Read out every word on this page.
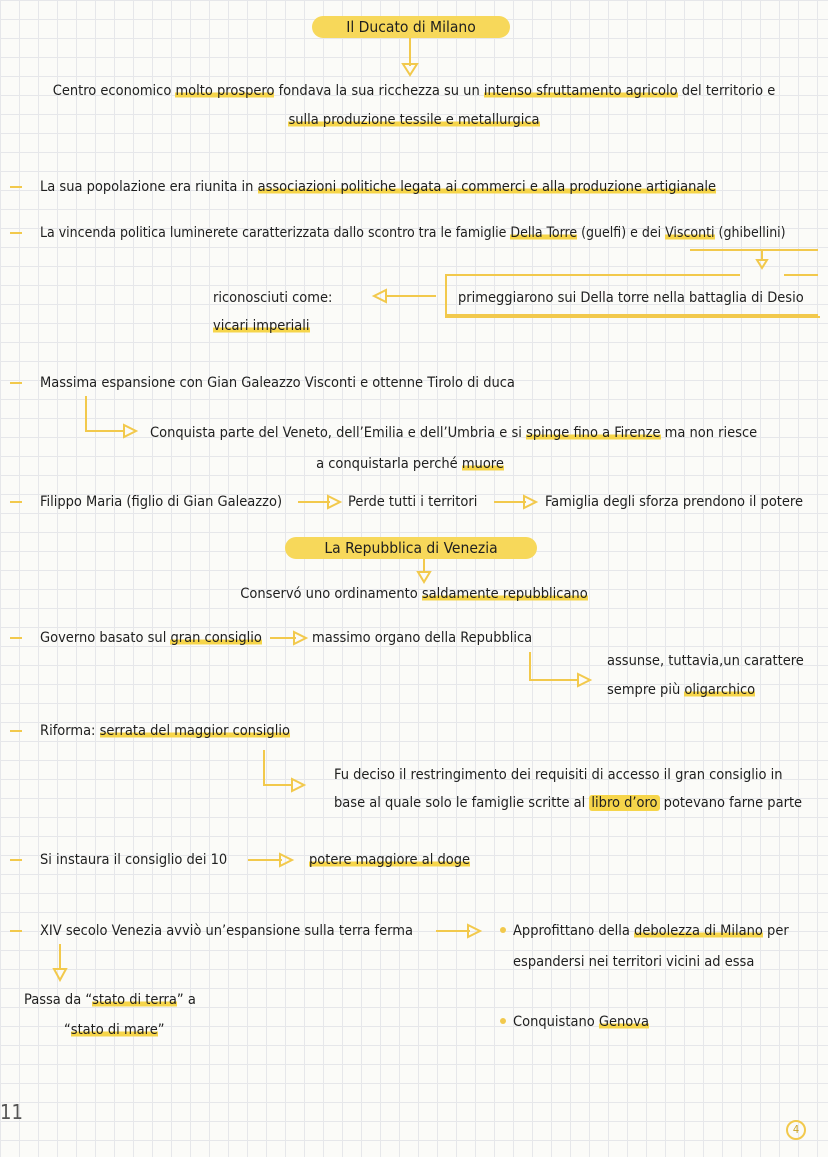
Il Ducato di Milano
Centro economico molto prospero fondava la sua ricchezza su un intenso sfruttamento agricolo del territorio e
sulla produzione tessile e metallurgica
La sua popolazione era riunita in associazioni politiche legata ai commerci e alla produzione artigianale
La vincenda politica luminerete caratterizzata dallo scontro tra le famiglie Della Torre (guelfi) e dei Visconti (ghibellini)
primeggiarono sui Della torre nella battaglia di Desio
riconosciuti come:
vicari imperiali
Massima espansione con Gian Galeazzo Visconti e ottenne Tirolo di duca
Conquista parte del Veneto, dell’Emilia e dell’Umbria e si spinge fino a Firenze ma non riesce
a conquistarla perché muore
Filippo Maria (figlio di Gian Galeazzo)	Perde tutti i territori	Famiglia degli sforza prendono il potere
La Repubblica di Venezia
Conservó uno ordinamento saldamente repubblicano
Governo basato sul gran consiglio	massimo organo della Repubblica
assunse, tuttavia,un carattere
sempre più oligarchico
Riforma: serrata del maggior consiglio
Fu deciso il restringimento dei requisiti di accesso il gran consiglio in
base al quale solo le famiglie scritte al libro d’oro potevano farne parte
Si instaura il consiglio dei 10	potere maggiore al doge
XIV secolo Venezia avviò un’espansione sulla terra ferma	Approfittano della debolezza di Milano per
espandersi nei territori vicini ad essa
Passa da “stato di terra” a
“stato di mare”	Conquistano Genova
11
4
